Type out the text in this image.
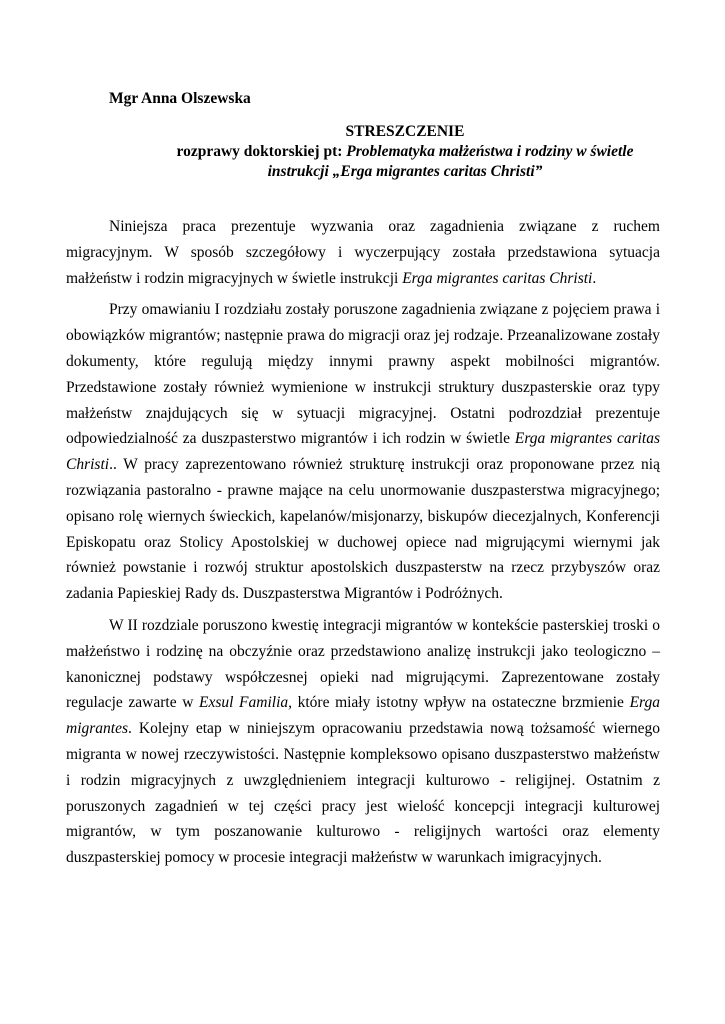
Mgr Anna Olszewska
STRESZCZENIE
rozprawy doktorskiej pt: Problematyka małżeństwa i rodziny w świetle
instrukcji „Erga migrantes caritas Christi”

Niniejsza praca prezentuje wyzwania oraz zagadnienia związane z ruchem migracyjnym. W sposób szczegółowy i wyczerpujący została przedstawiona sytuacja małżeństw i rodzin migracyjnych w świetle instrukcji Erga migrantes caritas Christi.

Przy omawianiu I rozdziału zostały poruszone zagadnienia związane z pojęciem prawa i obowiązków migrantów; następnie prawa do migracji oraz jej rodzaje. Przeanalizowane zostały dokumenty, które regulują między innymi prawny aspekt mobilności migrantów. Przedstawione zostały również wymienione w instrukcji struktury duszpasterskie oraz typy małżeństw znajdujących się w sytuacji migracyjnej. Ostatni podrozdział prezentuje odpowiedzialność za duszpasterstwo migrantów i ich rodzin w świetle Erga migrantes caritas Christi.. W pracy zaprezentowano również strukturę instrukcji oraz proponowane przez nią rozwiązania pastoralno - prawne mające na celu unormowanie duszpasterstwa migracyjnego; opisano rolę wiernych świeckich, kapelanów/misjonarzy, biskupów diecezjalnych, Konferencji Episkopatu oraz Stolicy Apostolskiej w duchowej opiece nad migrującymi wiernymi jak również powstanie i rozwój struktur apostolskich duszpasterstw na rzecz przybyszów oraz zadania Papieskiej Rady ds. Duszpasterstwa Migrantów i Podróżnych.

W II rozdziale poruszono kwestię integracji migrantów w kontekście pasterskiej troski o małżeństwo i rodzinę na obczyźnie oraz przedstawiono analizę instrukcji jako teologiczno – kanonicznej podstawy współczesnej opieki nad migrującymi. Zaprezentowane zostały regulacje zawarte w Exsul Familia, które miały istotny wpływ na ostateczne brzmienie Erga migrantes. Kolejny etap w niniejszym opracowaniu przedstawia nową tożsamość wiernego migranta w nowej rzeczywistości. Następnie kompleksowo opisano duszpasterstwo małżeństw i rodzin migracyjnych z uwzględnieniem integracji kulturowo - religijnej. Ostatnim z poruszonych zagadnień w tej części pracy jest wielość koncepcji integracji kulturowej migrantów, w tym poszanowanie kulturowo - religijnych wartości oraz elementy duszpasterskiej pomocy w procesie integracji małżeństw w warunkach imigracyjnych.
